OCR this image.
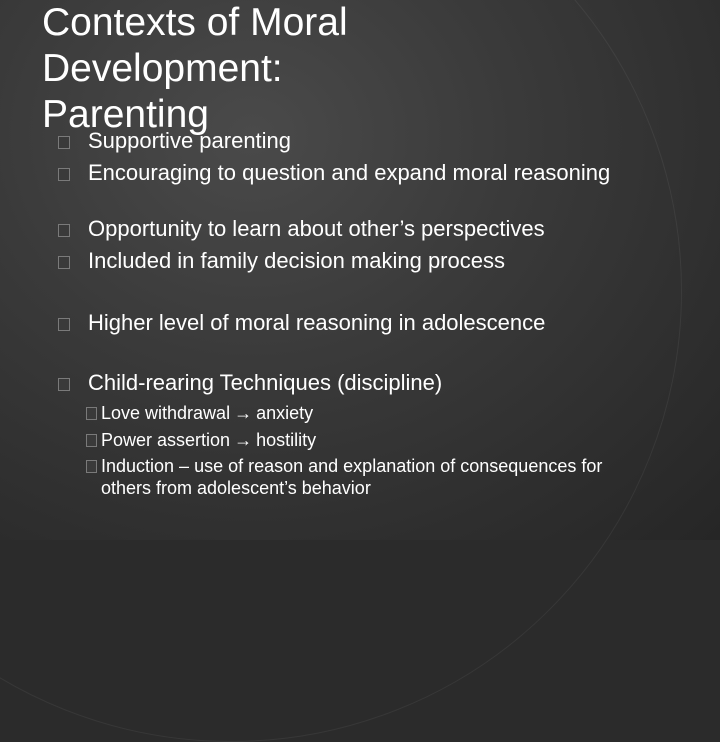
Contexts of Moral
Development:
Parenting
Supportive parenting
Encouraging to question and expand moral reasoning
Opportunity to learn about other’s perspectives
Included in family decision making process
Higher level of moral reasoning in adolescence
Child-rearing Techniques (discipline)
Love withdrawal → anxiety
Power assertion → hostility
Induction – use of reason and explanation of consequences for others from adolescent’s behavior
